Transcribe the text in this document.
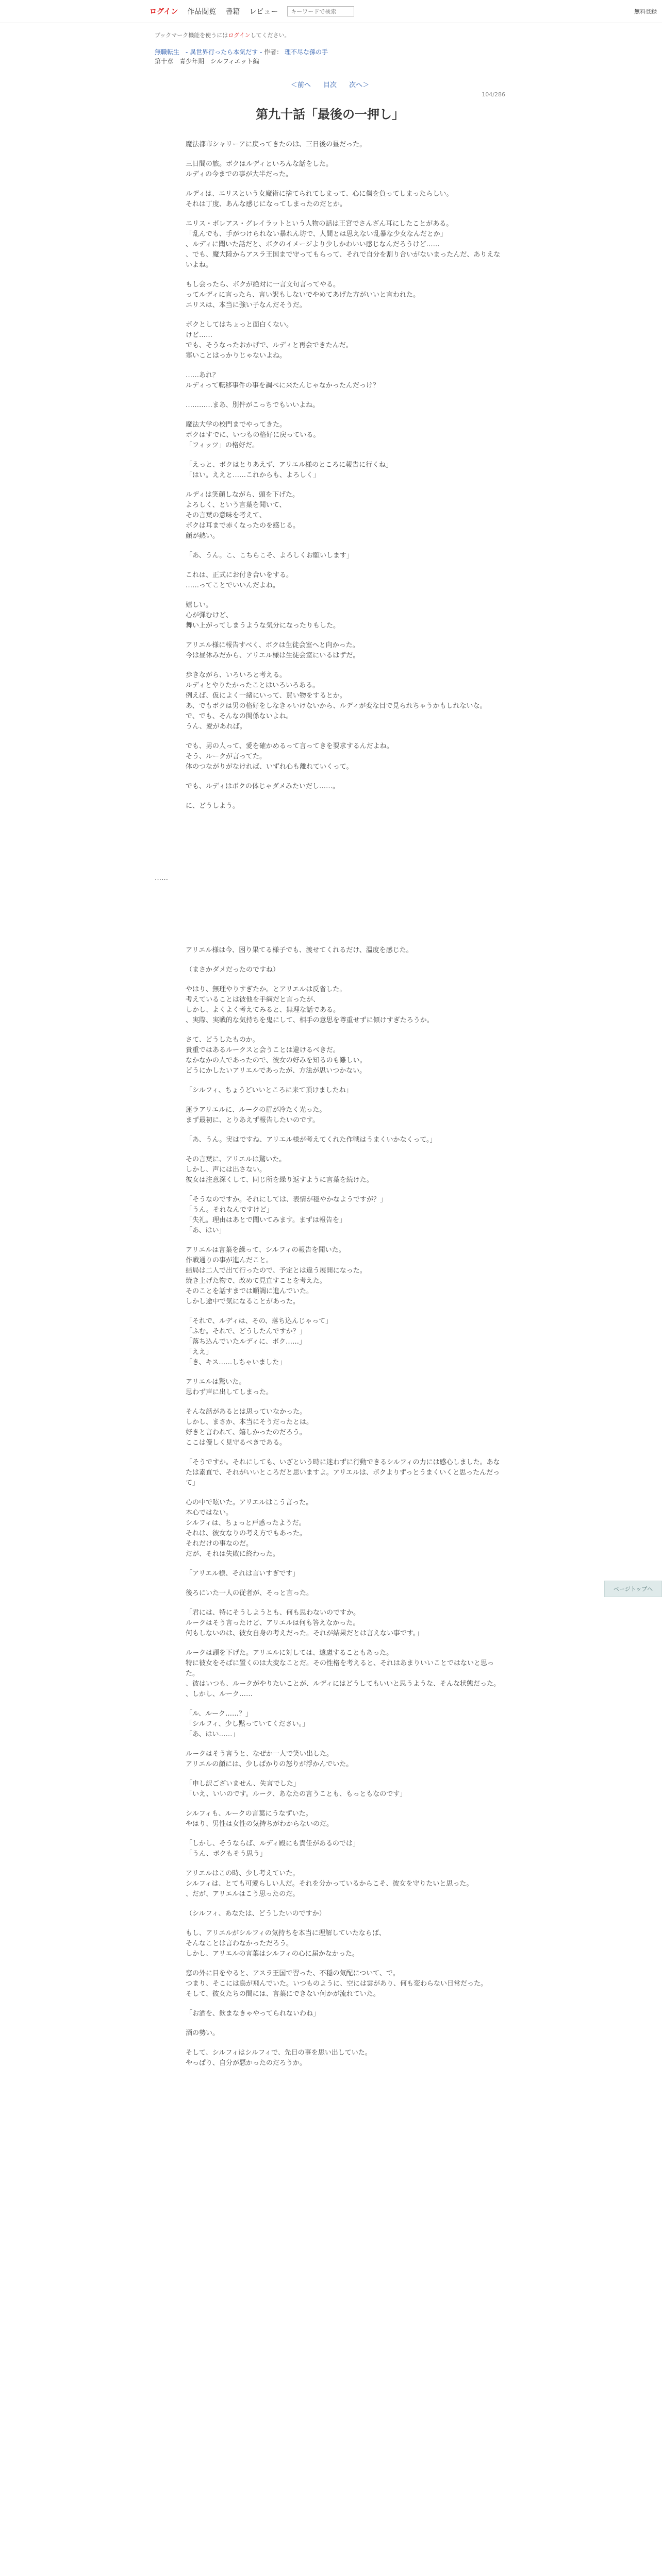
ログイン 作品閲覧 書籍 レビュー
キーワードで検索	無料登録

ブックマーク機能を使うにはログインしてください。

無職転生　- 異世界行ったら本気だす - 作者： 理不尽な孫の手
第十章　青少年期　シルフィエット編
＜前へ 目次 次へ＞
104/286
第九十話「最後の一押し」

魔法都市シャリーアに戻ってきたのは、三日後の昼だった。

三日間の旅。ボクはルディといろんな話をした。
ルディの今までの事が大半だった。

ルディは、エリスという女魔術に捨てられてしまって、心に傷を負ってしまったらしい。
それは丁度、あんな感じになってしまったのだとか。

エリス・ボレアス・グレイラットという人物の話は王宮でさんざん耳にしたことがある。
「乱んでも、手がつけられない暴れん坊で、人間とは思えない乱暴な少女なんだとか」
、ルディに聞いた話だと、ボクのイメージより少しかわいい感じなんだろうけど……
、でも、魔大陸からアスラ王国まで守ってもらって、それで自分を割り合いがないまったんだ、ありえないよね。

もし会ったら、ボクが絶対に一言文句言ってやる。
ってルディに言ったら、言い訳もしないでやめてあげた方がいいと言われた。
エリスは、本当に強い子なんだそうだ。

ボクとしてはちょっと面白くない。
けど……
でも、そうなったおかげで、ルディと再会できたんだ。
寒いことはっかりじゃないよね。

……あれ？
ルディって転移事件の事を調べに来たんじゃなかったんだっけ？

…………まあ、別件がこっちでもいいよね。

魔法大学の校門までやってきた。
ボクはすでに、いつもの格好に戻っている。
「フィッツ」の格好だ。

「えっと、ボクはとりあえず、アリエル様のところに報告に行くね」
「はい。ええと……これからも、よろしく」

ルディは笑顔しながら、頭を下げた。
よろしく、という言葉を聞いて、
その言葉の意味を考えて、
ボクは耳まで赤くなったのを感じる。
顔が熱い。

「あ、うん。こ、こちらこそ、よろしくお願いします」

これは、正式にお付き合いをする。
……ってことでいいんだよね。

嬉しい。
心が弾むけど、
舞い上がってしまうような気分になったりもした。

アリエル様に報告すべく、ボクは生徒会室へと向かった。
今は昼休みだから、アリエル様は生徒会室にいるはずだ。

歩きながら、いろいろと考える。
ルディとやりたかったことはいろいろある。
例えば、仮によく一緒にいって、買い物をするとか。
あ、でもボクは男の格好をしなきゃいけないから、ルディが変な目で見られちゃうかもしれないな。
で、でも、そんなの関係ないよね。
うん、愛があれば。

でも、男の人って、愛を確かめるって言ってきを要求するんだよね。
そう、ルークが言ってた。
体のつながりがなければ、いずれ心も離れていくって。

でも、ルディはボクの体じゃダメみたいだし……。

に、どうしよう。

……

アリエル様は今、困り果てる様子でも、渡せてくれるだけ、温度を感じた。

（まさかダメだったのですね）

やはり、無理やりすぎたか。とアリエルは反省した。
考えていることは彼他を手綱だと言ったが、
しかし、よくよく考えてみると、無理な話である。
、実際、実戦的な気持ちを鬼にして、相手の意思を尊重せずに傾けすぎたろうか。

さて、どうしたものか。
貴重ではあるルークスと会うことは避けるべきだ。
なかなかの人であったので、彼女の好みを知るのも難しい。
どうにかしたいアリエルであったが、方法が思いつかない。

「シルフィ、ちょうどいいところに来て頂けましたね」

蓮ラアリエルに、ルークの眉が冷たく光った。
まず最初に、とりあえず報告したいのです。

「あ、うん。実はですね、アリエル様が考えてくれた作戦はうまくいかなくって。」

その言葉に、アリエルは驚いた。
しかし、声には出さない。
彼女は注意深くして、同じ所を繰り返すように言葉を続けた。

「そうなのですか。それにしては、表情が穏やかなようですが？」
「うん。それなんですけど」
「失礼。理由はあとで聞いてみます。まずは報告を」
「あ、はい」

アリエルは言葉を繰って、シルフィの報告を聞いた。
作戦通りの事が進んだこと。
結局は二人で出て行ったので、予定とは違う展開になった。
焼き上げた物で、改めて見直すことを考えた。
そのことを話すまでは順調に進んでいた。
しかし途中で気になることがあった。

「それで、ルディは、その、落ち込んじゃって」
「ふむ。それで、どうしたんですか？」
「落ち込んでいたルディに、ボク……」
「ええ」
「き、キス……しちゃいました」

アリエルは驚いた。
思わず声に出してしまった。

そんな話があるとは思っていなかった。
しかし、まさか、本当にそうだったとは。
好きと言われて、嬉しかったのだろう。
ここは優しく見守るべきである。

「そうですか。それにしても、いざという時に迷わずに行動できるシルフィの力には感心しました。あなたは素直で、それがいいところだと思いますよ。アリエルは、ボクよりずっとうまくいくと思ったんだって」

心の中で呟いた。アリエルはこう言った。
本心ではない。
シルフィは、ちょっと戸惑ったようだ。
それは、彼女なりの考え方でもあった。
それだけの事なのだ。
だが、それは失敗に終わった。

「アリエル様、それは言いすぎです」

後ろにいた一人の従者が、そっと言った。

「君には、特にそうしようとも、何も思わないのですか。
ルークはそう言ったけど、アリエルは何も答えなかった。
何もしないのは、彼女自身の考えだった。それが結果だとは言えない事です。」

ルークは頭を下げた。アリエルに対しては、遠慮することもあった。
特に彼女をそばに置くのは大変なことだ。その性格を考えると、それはあまりいいことではないと思った。
、彼はいつも、ルークがやりたいことが、ルディにはどうしてもいいと思うような、そんな状態だった。
、しかし、ルーク……

「ル、ルーク……？」
「シルフィ、少し黙っていてください。」
「あ、はい……」

ルークはそう言うと、なぜか一人で笑い出した。
アリエルの顔には、少しばかりの怒りが浮かんでいた。

「申し訳ございません、失言でした」
「いえ、いいのです。ルーク、あなたの言うことも、もっともなのです」

シルフィも、ルークの言葉にうなずいた。
やはり、男性は女性の気持ちがわからないのだ。

「しかし、そうならば、ルディ殿にも責任があるのでは」
「うん、ボクもそう思う」

アリエルはこの時、少し考えていた。
シルフィは、とても可愛らしい人だ。それを分かっているからこそ、彼女を守りたいと思った。
、だが、アリエルはこう思ったのだ。

（シルフィ、あなたは、どうしたいのですか）

もし、アリエルがシルフィの気持ちを本当に理解していたならば、
そんなことは言わなかっただろう。
しかし、アリエルの言葉はシルフィの心に届かなかった。

窓の外に目をやると、アスラ王国で習った、不穏の気配について、で。
つまり、そこには鳥が飛んでいた。いつものように、空には雲があり、何も変わらない日常だった。
そして、彼女たちの間には、言葉にできない何かが流れていた。

「お酒を、飲まなきゃやってられないわね」

酒の勢い。

そして、シルフィはシルフィで、先日の事を思い出していた。
やっぱり、自分が悪かったのだろうか。

ページトップへ
